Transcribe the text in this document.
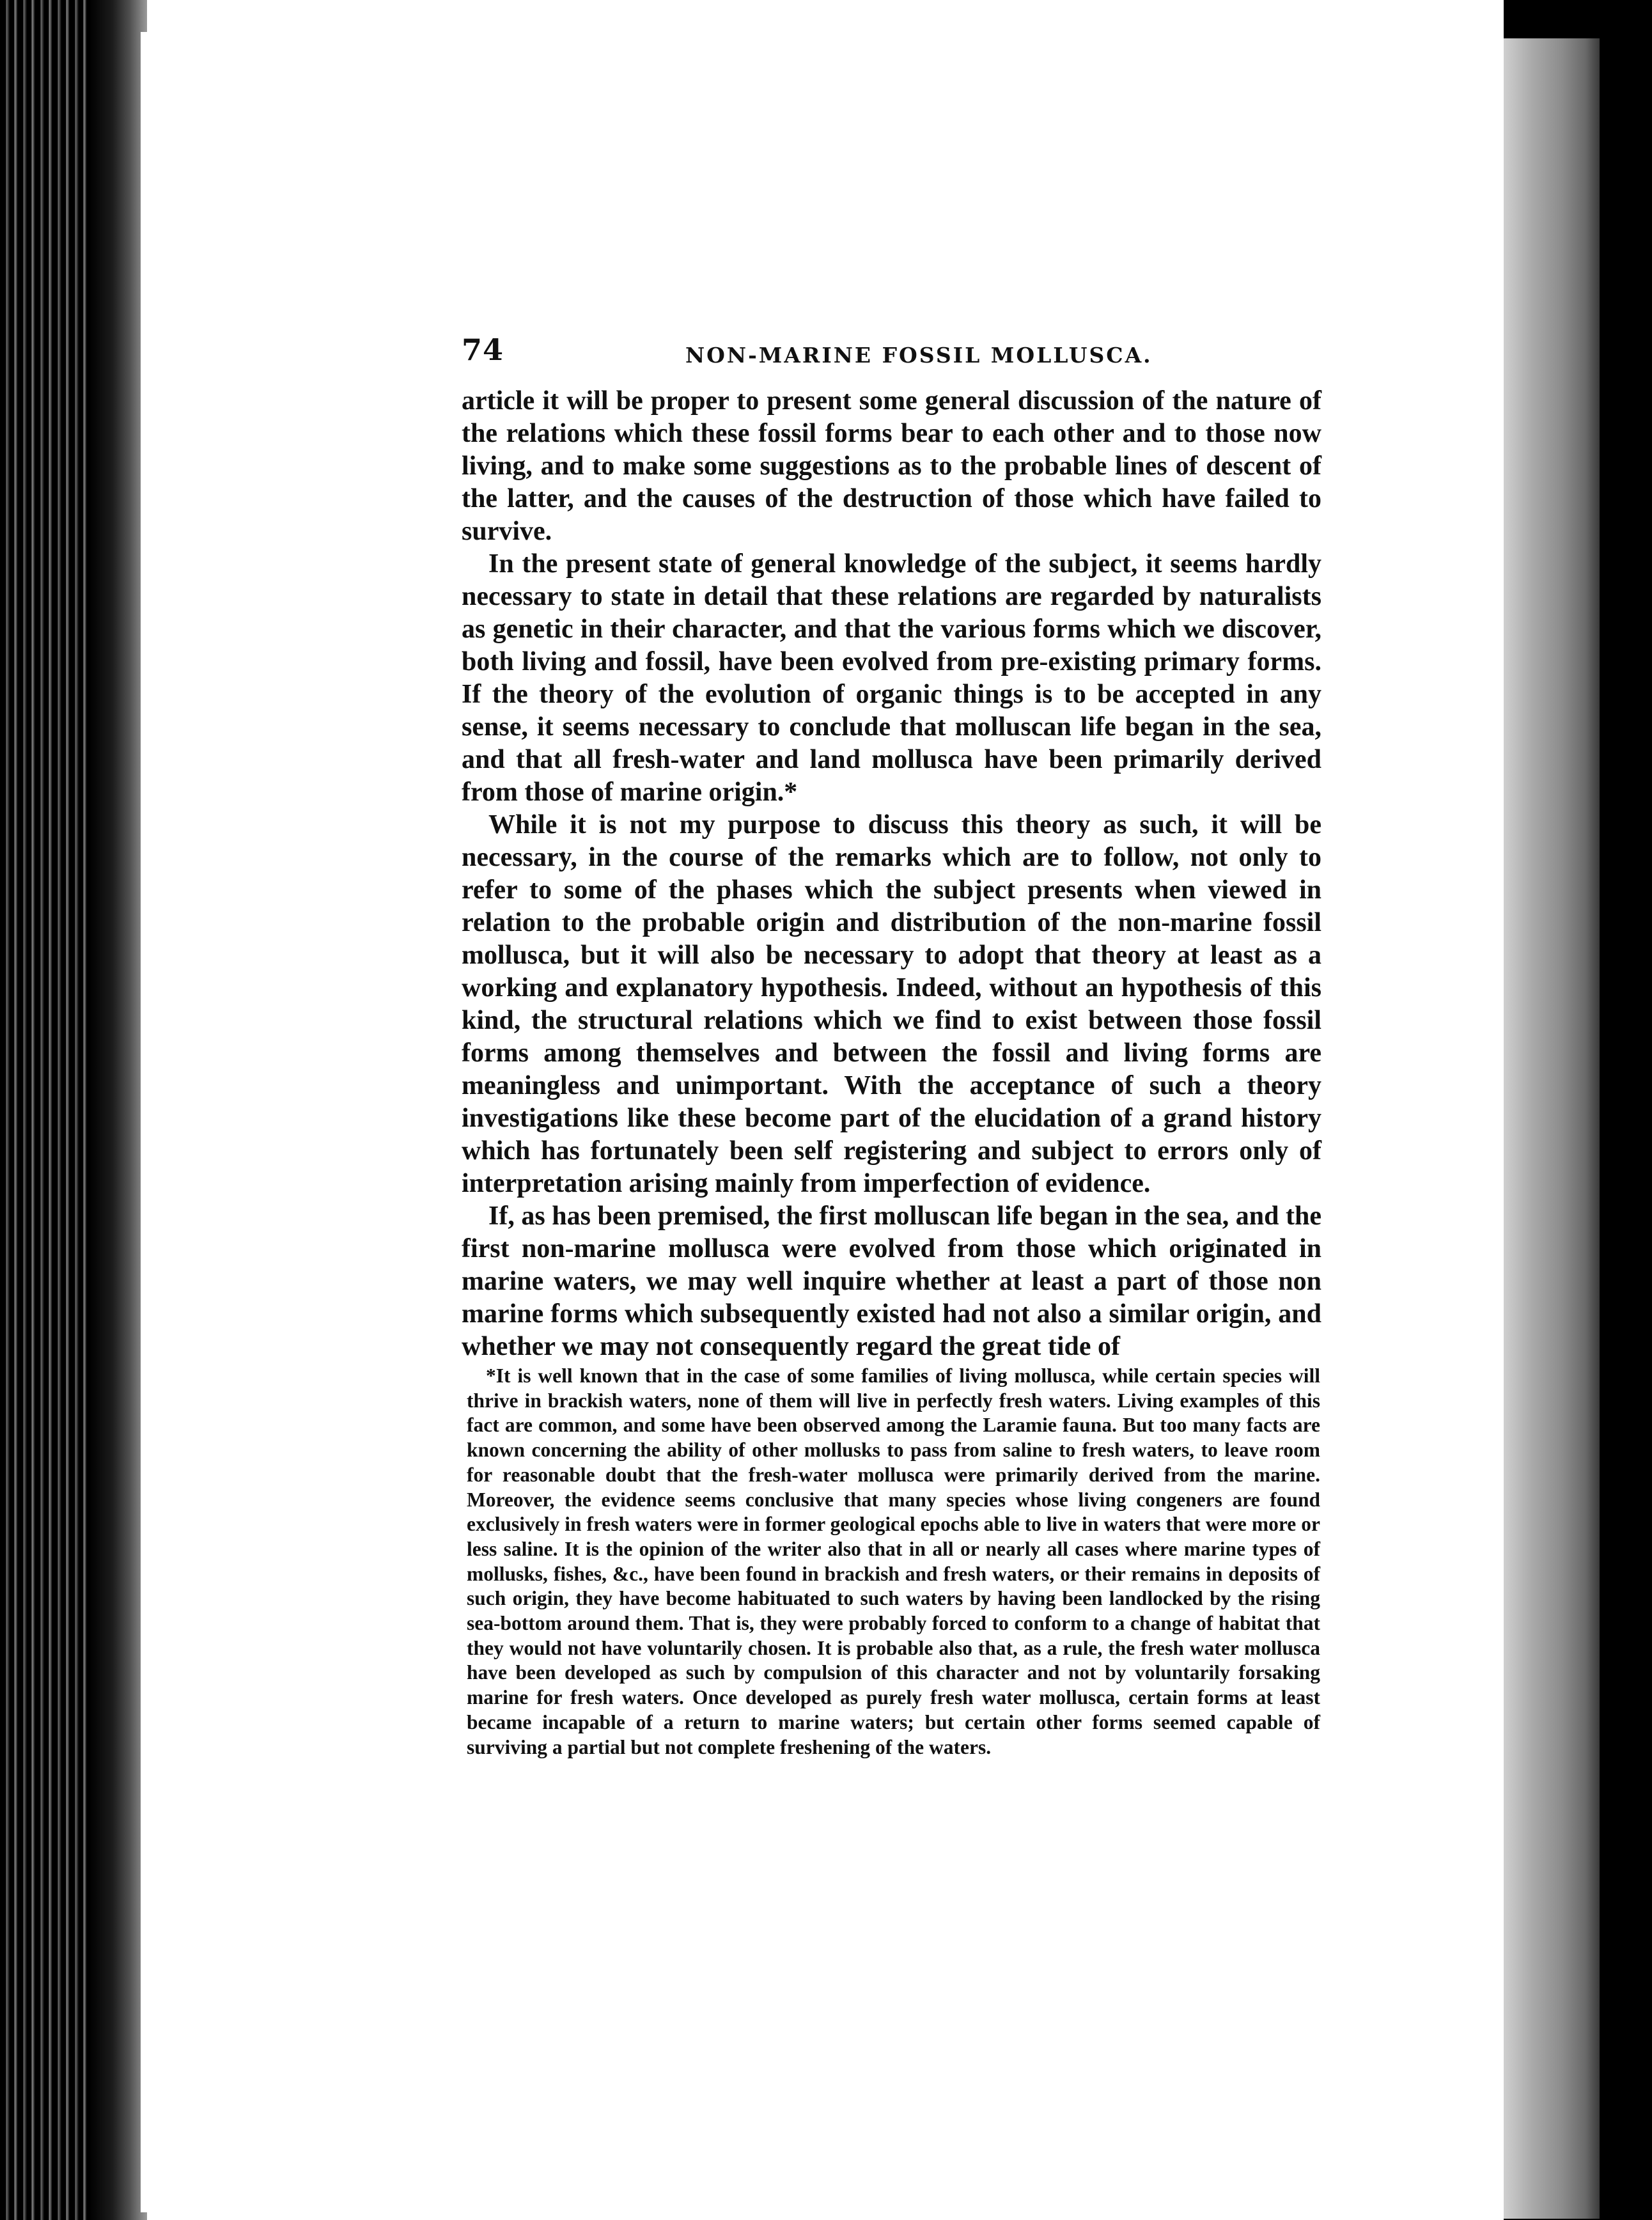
74	NON-MARINE FOSSIL MOLLUSCA.

article it will be proper to present some general discussion of the nature of the relations which these fossil forms bear to each other and to those now living, and to make some suggestions as to the probable lines of descent of the latter, and the causes of the destruction of those which have failed to survive.

In the present state of general knowledge of the subject, it seems hardly necessary to state in detail that these relations are regarded by naturalists as genetic in their character, and that the various forms which we discover, both living and fossil, have been evolved from pre-existing primary forms. If the theory of the evolution of organic things is to be accepted in any sense, it seems necessary to conclude that molluscan life began in the sea, and that all fresh-water and land mollusca have been primarily derived from those of marine origin.*

While it is not my purpose to discuss this theory as such, it will be necessary, in the course of the remarks which are to follow, not only to refer to some of the phases which the subject presents when viewed in relation to the probable origin and distribution of the non-marine fossil mollusca, but it will also be necessary to adopt that theory at least as a working and explanatory hypothesis. Indeed, without an hypothesis of this kind, the structural relations which we find to exist between those fossil forms among themselves and between the fossil and living forms are meaningless and unimportant. With the acceptance of such a theory investigations like these become part of the elucidation of a grand history which has fortunately been self registering and subject to errors only of interpretation arising mainly from imperfection of evidence.

If, as has been premised, the first molluscan life began in the sea, and the first non-marine mollusca were evolved from those which originated in marine waters, we may well inquire whether at least a part of those non marine forms which subsequently existed had not also a similar origin, and whether we may not consequently regard the great tide of

*It is well known that in the case of some families of living mollusca, while certain species will thrive in brackish waters, none of them will live in perfectly fresh waters. Living examples of this fact are common, and some have been observed among the Laramie fauna. But too many facts are known concerning the ability of other mollusks to pass from saline to fresh waters, to leave room for reasonable doubt that the fresh-water mollusca were primarily derived from the marine. Moreover, the evidence seems conclusive that many species whose living congeners are found exclusively in fresh waters were in former geological epochs able to live in waters that were more or less saline. It is the opinion of the writer also that in all or nearly all cases where marine types of mollusks, fishes, &c., have been found in brackish and fresh waters, or their remains in deposits of such origin, they have become habituated to such waters by having been landlocked by the rising sea-bottom around them. That is, they were probably forced to conform to a change of habitat that they would not have voluntarily chosen. It is probable also that, as a rule, the fresh water mollusca have been developed as such by compulsion of this character and not by voluntarily forsaking marine for fresh waters. Once developed as purely fresh water mollusca, certain forms at least became incapable of a return to marine waters; but certain other forms seemed capable of surviving a partial but not complete freshening of the waters.
